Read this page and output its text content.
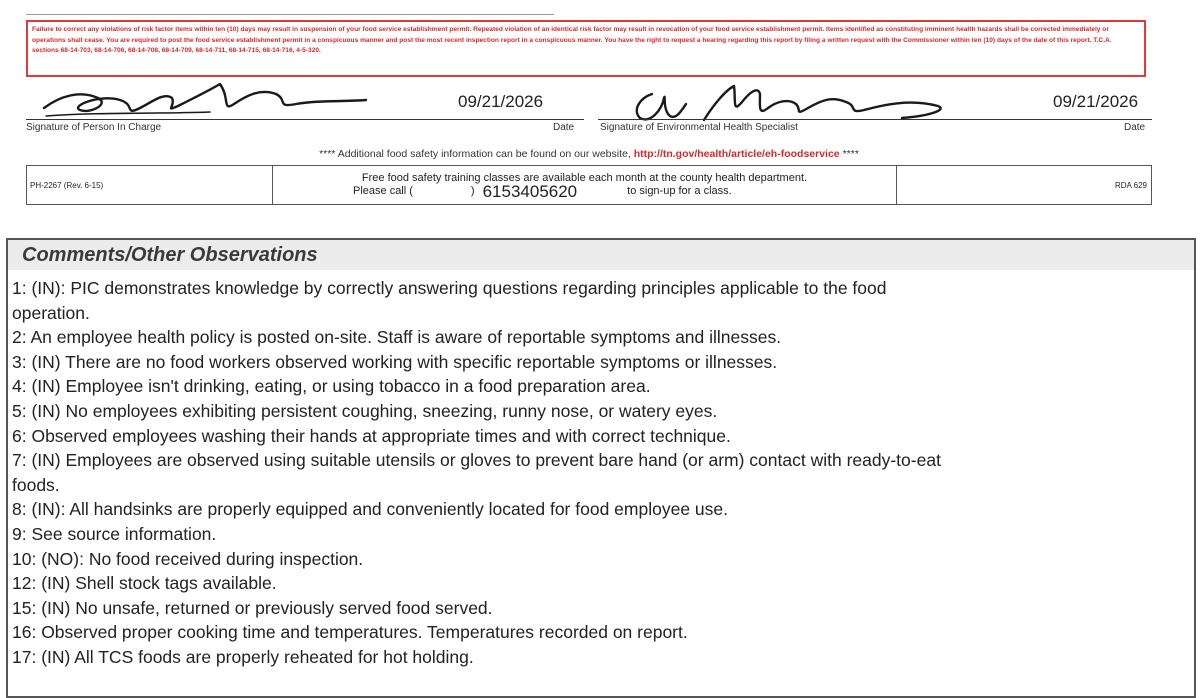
Failure to correct any violations of risk factor items within ten (10) days may result in suspension of your food service establishment permit. Repeated violation of an identical risk factor may result in revocation of your food service establishment permit. Items identified as constituting imminent health hazards shall be corrected immediately or operations shall cease. You are required to post the food service establishment permit in a conspicuous manner and post the most recent inspection report in a conspicuous manner. You have the right to request a hearing regarding this report by filing a written request with the Commissioner within ten (10) days of the date of this report. T.C.A. sections 68-14-703, 68-14-706, 68-14-708, 68-14-709, 68-14-711, 68-14-715, 68-14-716, 4-5-320.
09/21/2026
Signature of Person In Charge	Date
09/21/2026
Signature of Environmental Health Specialist	Date
**** Additional food safety information can be found on our website, http://tn.gov/health/article/eh-foodservice ****
PH-2267 (Rev. 6-15)
Free food safety training classes are available each month at the county health department.
Please call (	) 6153405620	to sign-up for a class.	RDA 629
Comments/Other Observations
1: (IN): PIC demonstrates knowledge by correctly answering questions regarding principles applicable to the food
operation.
2: An employee health policy is posted on-site. Staff is aware of reportable symptoms and illnesses.
3: (IN) There are no food workers observed working with specific reportable symptoms or illnesses.
4: (IN) Employee isn't drinking, eating, or using tobacco in a food preparation area.
5: (IN) No employees exhibiting persistent coughing, sneezing, runny nose, or watery eyes.
6: Observed employees washing their hands at appropriate times and with correct technique.
7: (IN) Employees are observed using suitable utensils or gloves to prevent bare hand (or arm) contact with ready-to-eat
foods.
8: (IN): All handsinks are properly equipped and conveniently located for food employee use.
9: See source information.
10: (NO): No food received during inspection.
12: (IN) Shell stock tags available.
15: (IN) No unsafe, returned or previously served food served.
16: Observed proper cooking time and temperatures. Temperatures recorded on report.
17: (IN) All TCS foods are properly reheated for hot holding.
